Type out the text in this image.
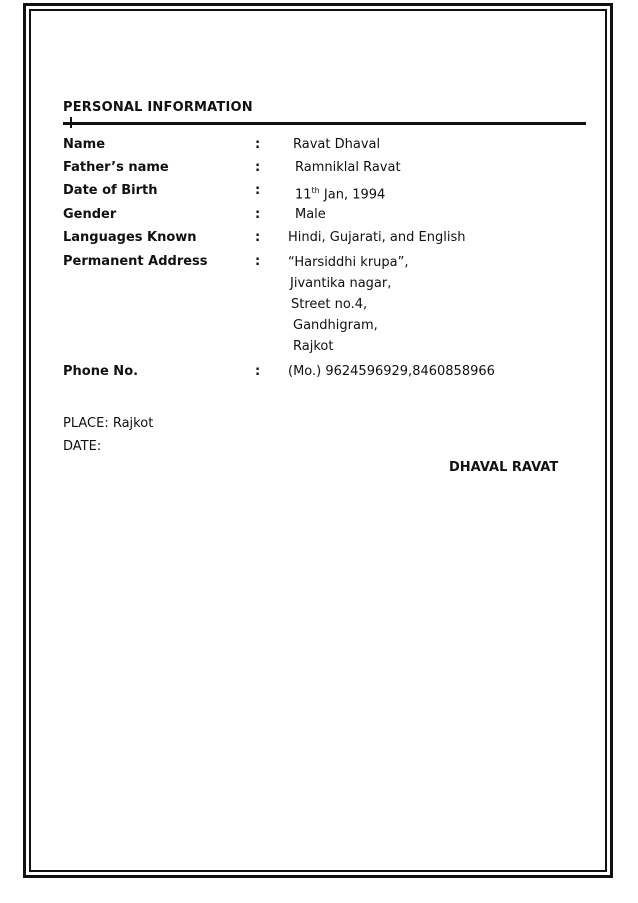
PERSONAL INFORMATION
Name	:	Ravat Dhaval
Father’s name	:	Ramniklal Ravat
Date of Birth	:	11th Jan, 1994
Gender	:	Male
Languages Known	: Hindi, Gujarati, and English
Permanent Address	: “Harsiddhi krupa”,
Jivantika nagar,
Street no.4,
Gandhigram,
Rajkot
Phone No.	: (Mo.) 9624596929,8460858966
PLACE: Rajkot
DATE:
DHAVAL RAVAT
